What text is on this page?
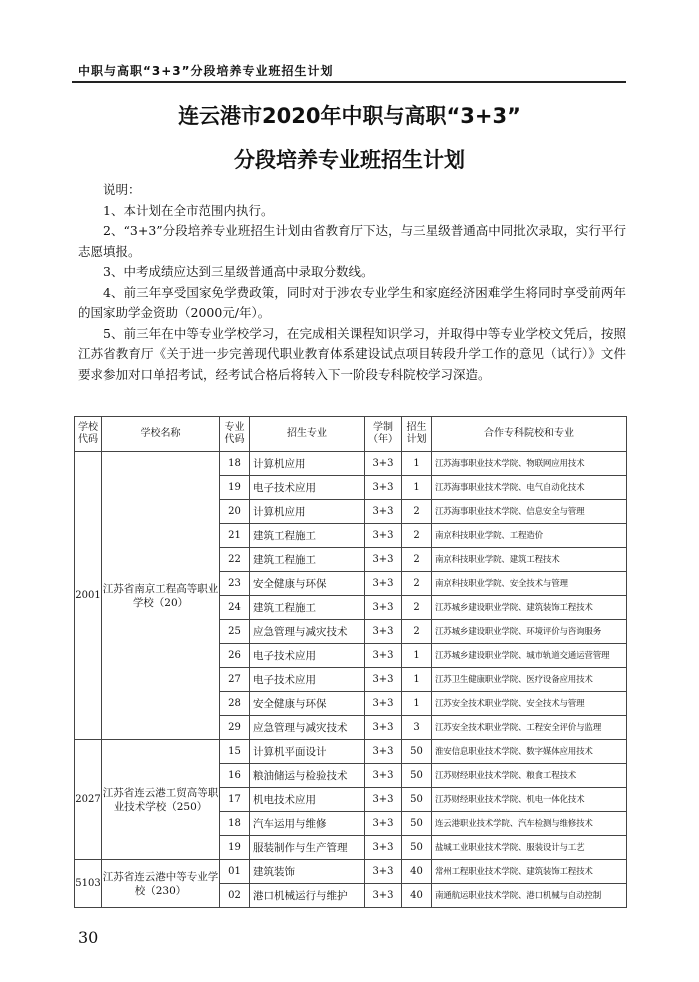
中职与高职“3+3”分段培养专业班招生计划
连云港市2020年中职与高职“3+3”
分段培养专业班招生计划

说明：

1、本计划在全市范围内执行。

2、“3+3”分段培养专业班招生计划由省教育厅下达，与三星级普通高中同批次录取，实行平行志愿填报。

3、中考成绩应达到三星级普通高中录取分数线。

4、前三年享受国家免学费政策，同时对于涉农专业学生和家庭经济困难学生将同时享受前两年的国家助学金资助（2000元/年）。

5、前三年在中等专业学校学习，在完成相关课程知识学习，并取得中等专业学校文凭后，按照江苏省教育厅《关于进一步完善现代职业教育体系建设试点项目转段升学工作的意见（试行）》文件要求参加对口单招考试，经考试合格后将转入下一阶段专科院校学习深造。

学校代码	学校名称	专业代码	招生专业	学制（年）	招生计划	合作专科院校和专业
2001	江苏省南京工程高等职业学校（20）	18	计算机应用	3+3	1	江苏海事职业技术学院、物联网应用技术
		19	电子技术应用	3+3	1	江苏海事职业技术学院、电气自动化技术
		20	计算机应用	3+3	2	江苏海事职业技术学院、信息安全与管理
		21	建筑工程施工	3+3	2	南京科技职业学院、工程造价
		22	建筑工程施工	3+3	2	南京科技职业学院、建筑工程技术
		23	安全健康与环保	3+3	2	南京科技职业学院、安全技术与管理
		24	建筑工程施工	3+3	2	江苏城乡建设职业学院、建筑装饰工程技术
		25	应急管理与减灾技术	3+3	2	江苏城乡建设职业学院、环境评价与咨询服务
		26	电子技术应用	3+3	1	江苏城乡建设职业学院、城市轨道交通运营管理
		27	电子技术应用	3+3	1	江苏卫生健康职业学院、医疗设备应用技术
		28	安全健康与环保	3+3	1	江苏安全技术职业学院、安全技术与管理
		29	应急管理与减灾技术	3+3	3	江苏安全技术职业学院、工程安全评价与监理
2027	江苏省连云港工贸高等职业技术学校（250）	15	计算机平面设计	3+3	50	淮安信息职业技术学院、数字媒体应用技术
		16	粮油储运与检验技术	3+3	50	江苏财经职业技术学院、粮食工程技术
		17	机电技术应用	3+3	50	江苏财经职业技术学院、机电一体化技术
		18	汽车运用与维修	3+3	50	连云港职业技术学院、汽车检测与维修技术
		19	服装制作与生产管理	3+3	50	盐城工业职业技术学院、服装设计与工艺
5103	江苏省连云港中等专业学校（230）	01	建筑装饰	3+3	40	常州工程职业技术学院、建筑装饰工程技术
		02	港口机械运行与维护	3+3	40	南通航运职业技术学院、港口机械与自动控制
30
